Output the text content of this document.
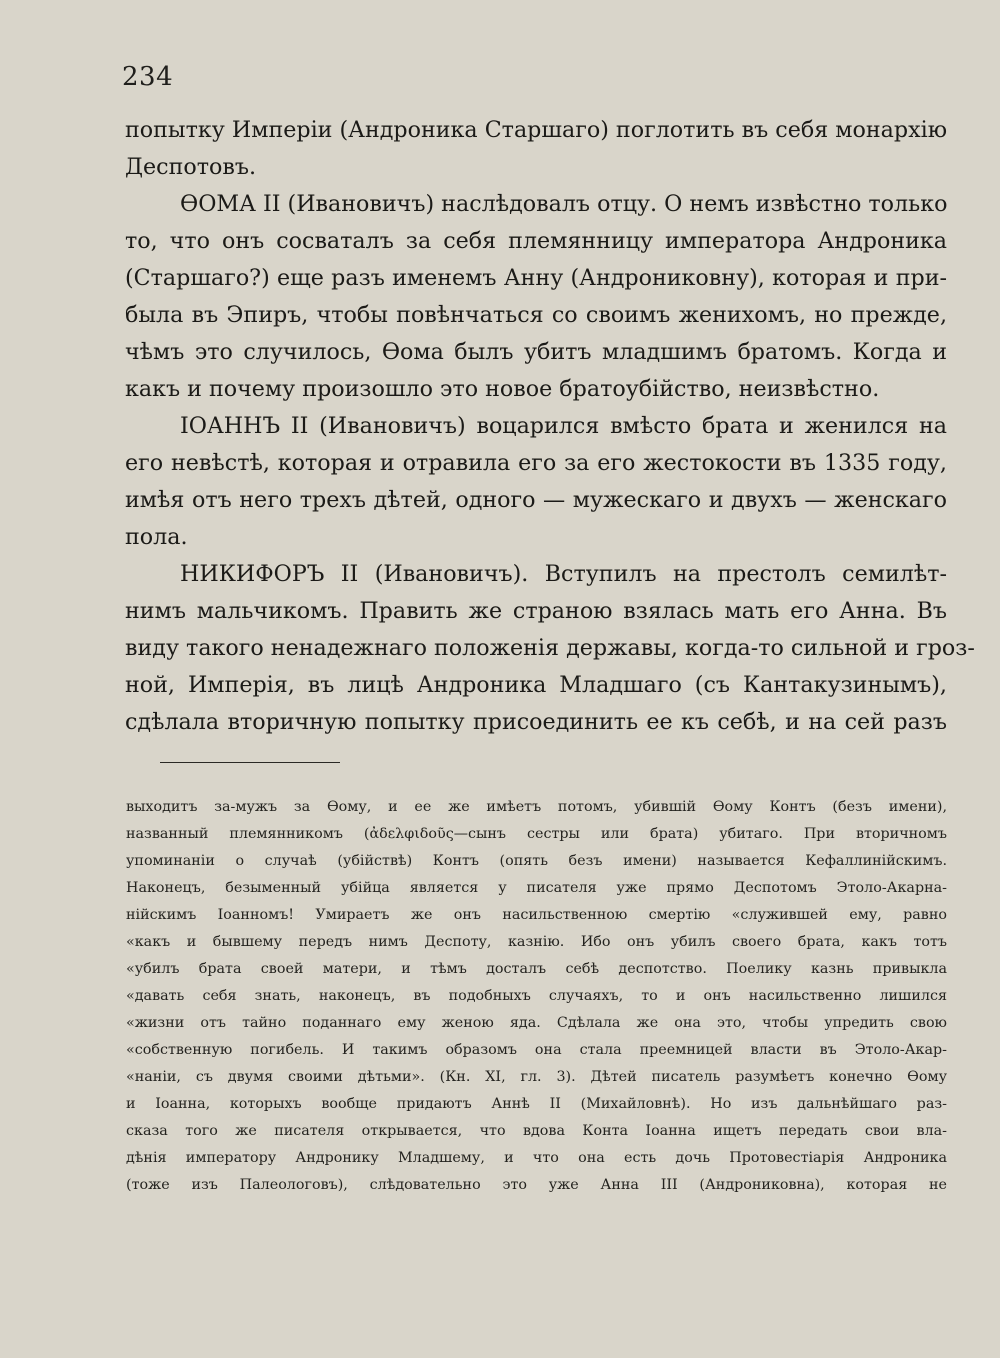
234
попытку Имперiи (Андроника Старшаго) поглотить въ себя монархiю
Деспотовъ.
ѲОМА II (Ивановичъ) наслѣдовалъ отцу. О немъ извѣстно только
то, что онъ сосваталъ за себя племянницу императора Андроника
(Старшаго?) еще разъ именемъ Анну (Андрониковну), которая и при-
была въ Эпиръ, чтобы повѣнчаться со своимъ женихомъ, но прежде,
чѣмъ это случилось, Ѳома былъ убитъ младшимъ братомъ. Когда и
какъ и почему произошло это новое братоубiйство, неизвѣстно.
IОАННЪ II (Ивановичъ) воцарился вмѣсто брата и женился на
его невѣстѣ, которая и отравила его за его жестокости въ 1335 году,
имѣя отъ него трехъ дѣтей, одного — мужескаго и двухъ — женскаго
пола.
НИКИФОРЪ II (Ивановичъ). Вступилъ на престолъ семилѣт-
нимъ мальчикомъ. Править же страною взялась мать его Анна. Въ
виду такого ненадежнаго положенiя державы, когда-то сильной и гроз-
ной, Имперiя, въ лицѣ Андроника Младшаго (съ Кантакузинымъ),
сдѣлала вторичную попытку присоединить ее къ себѣ, и на сей разъ
выходитъ за-мужъ за Ѳому, и ее же имѣетъ потомъ, убившiй Ѳому Контъ (безъ имени),
названный племянникомъ (ἀδελφιδοῦς—сынъ сестры или брата) убитаго. При вторичномъ
упоминанiи о случаѣ (убiйствѣ) Контъ (опять безъ имени) называется Кефаллинiйскимъ.
Наконецъ, безыменный убiйца является у писателя уже прямо Деспотомъ Этоло-Акарна-
нiйскимъ Iоанномъ! Умираетъ же онъ насильственною смертiю «служившей ему, равно
«какъ и бывшему передъ нимъ Деспоту, казнiю. Ибо онъ убилъ своего брата, какъ тотъ
«убилъ брата своей матери, и тѣмъ досталъ себѣ деспотство. Поелику казнь привыкла
«давать себя знать, наконецъ, въ подобныхъ случаяхъ, то и онъ насильственно лишился
«жизни отъ тайно поданнаго ему женою яда. Сдѣлала же она это, чтобы упредить свою
«собственную погибель. И такимъ образомъ она стала преемницей власти въ Этоло-Акар-
«нанiи, съ двумя своими дѣтьми». (Кн. XI, гл. 3). Дѣтей писатель разумѣетъ конечно Ѳому
и Iоанна, которыхъ вообще придаютъ Аннѣ II (Михайловнѣ). Но изъ дальнѣйшаго раз-
сказа того же писателя открывается, что вдова Конта Iоанна ищетъ передать свои вла-
дѣнiя императору Андронику Младшему, и что она есть дочь Протовестiарiя Андроника
(тоже изъ Палеологовъ), слѣдовательно это уже Анна III (Андрониковна), которая не
